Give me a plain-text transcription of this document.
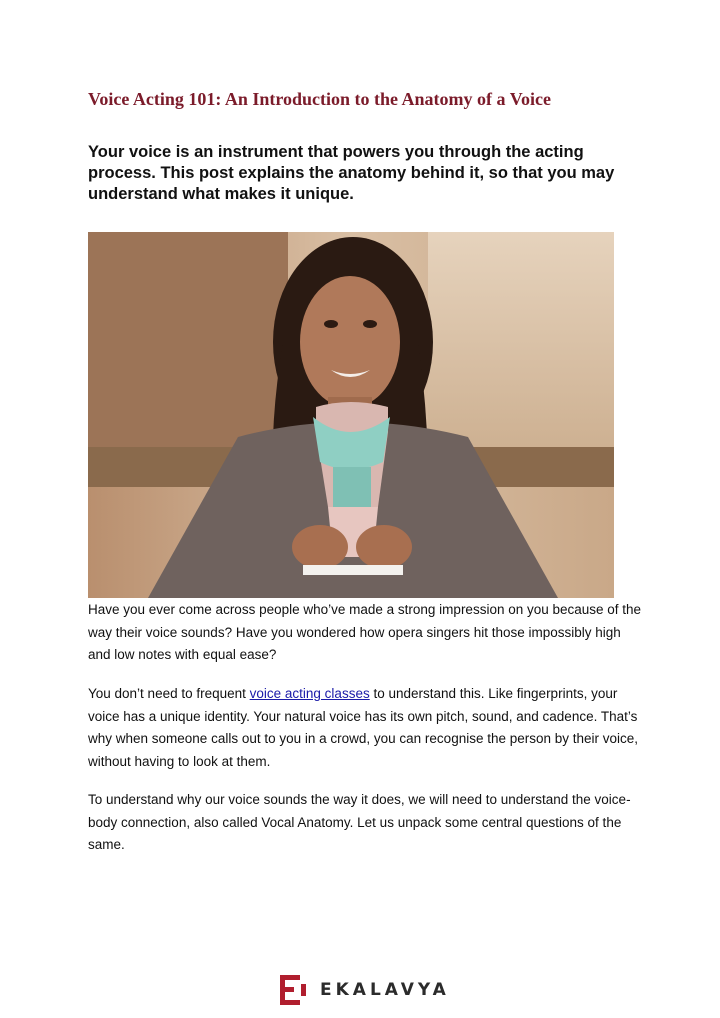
Voice Acting 101: An Introduction to the Anatomy of a Voice

Your voice is an instrument that powers you through the acting process. This post explains the anatomy behind it, so that you may understand what makes it unique.

Have you ever come across people who’ve made a strong impression on you because of the way their voice sounds? Have you wondered how opera singers hit those impossibly high and low notes with equal ease?

You don’t need to frequent voice acting classes to understand this. Like fingerprints, your voice has a unique identity. Your natural voice has its own pitch, sound, and cadence. That’s why when someone calls out to you in a crowd, you can recognise the person by their voice, without having to look at them.

To understand why our voice sounds the way it does, we will need to understand the voice-body connection, also called Vocal Anatomy. Let us unpack some central questions of the same.

EKALAVYA
